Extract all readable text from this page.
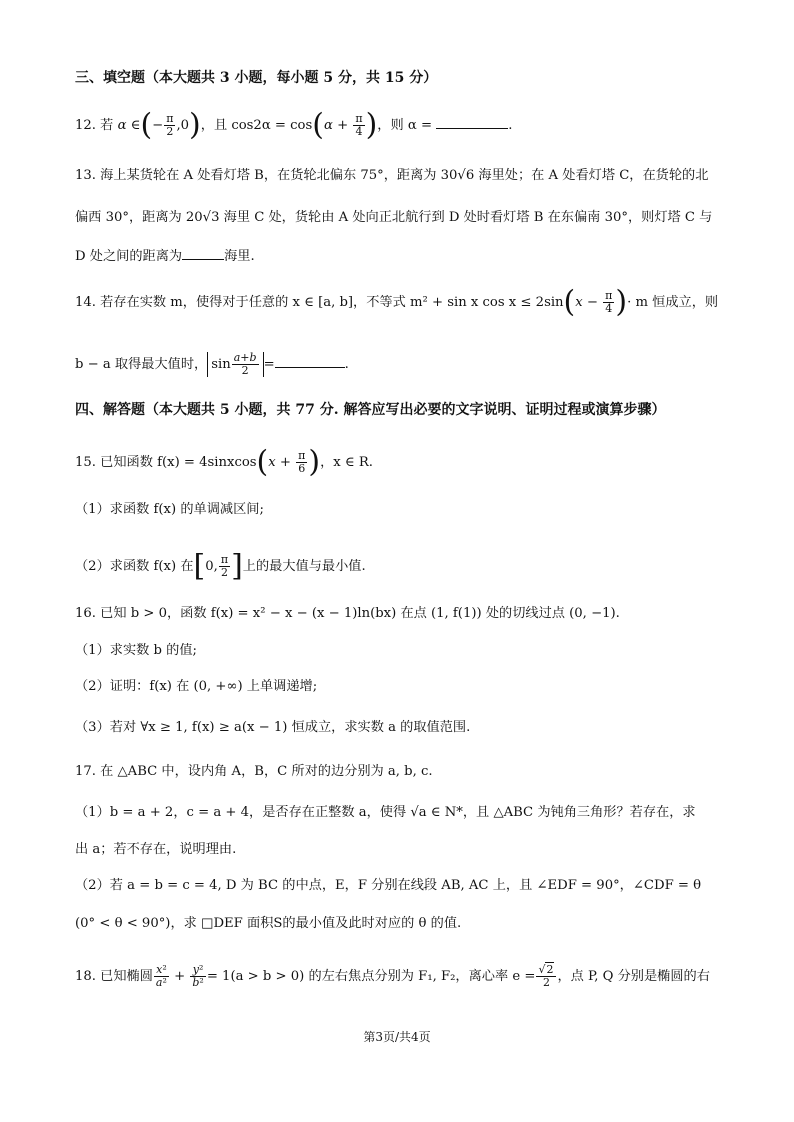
三、填空题（本大题共 3 小题，每小题 5 分，共 15 分）
12. 若 α ∈(− $\frac{\pi}{2} ,0$)，且 $\cos 2\alpha = \cos(\alpha + \frac{\pi}{4}$ )，则 α =	.
13. 海上某货轮在 A 处看灯塔 B，在货轮北偏东 75°，距离为 30√6 海里处；在 A 处看灯塔 C，在货轮的北
偏西 30°，距离为 20√3 海里 C 处，货轮由 A 处向正北航行到 D 处时看灯塔 B 在东偏南 30°，则灯塔 C 与
D 处之间的距离为	海里.
14. 若存在实数 m，使得对于任意的 x ∈ [a, b]，不等式 m² + sin x $\cos x \le 2\sin(x - \frac{\pi}{4}$ )· m 恒成立，则
b − a 取得最大值时， $\sin \frac{a+b}{2}$ =	.
四、解答题（本大题共 5 小题，共 77 分. 解答应写出必要的文字说明、证明过程或演算步骤）
15. 已知函数 f(x) = 4sinxcos(x + $\frac{\pi}{6}$ )，x ∈ R.
（1）求函数 f(x) 的单调减区间;
（2）求函数 f(x) 在[0, $\frac{\pi}{2}$ ]上的最大值与最小值.
16. 已知 b > 0，函数 f(x) = x² − x − (x − 1)ln(bx) 在点 (1, f(1)) 处的切线过点 (0, −1).
（1）求实数 b 的值;
（2）证明：f(x) 在 (0, +∞) 上单调递增;
（3）若对 ∀x ≥ 1, f(x) ≥ a(x − 1) 恒成立，求实数 a 的取值范围.
17. 在 △ABC 中，设内角 A，B，C 所对的边分别为 a, b, c.
（1）b = a + 2，c = a + 4，是否存在正整数 a，使得 √a ∈ N*，且 △ABC 为钝角三角形？若存在，求
出 a；若不存在，说明理由.
（2）若 a = b = c = 4, D 为 BC 的中点，E，F 分别在线段 AB, AC 上，且 ∠EDF = 90°，∠CDF = θ
(0° < θ < 90°)，求 □DEF 面积S的最小值及此时对应的 θ 的值.
18. 已知椭圆 $\frac{\text{x²}}{\text{a²}} + \frac{\text{y²}}{\text{b²}} = 1(a > b > 0)$ 的左右焦点分别为 F₁, F₂，离心率 $e = \frac{√2}{2}$ ，点 P, Q 分别是椭圆的右
第3页/共4页
